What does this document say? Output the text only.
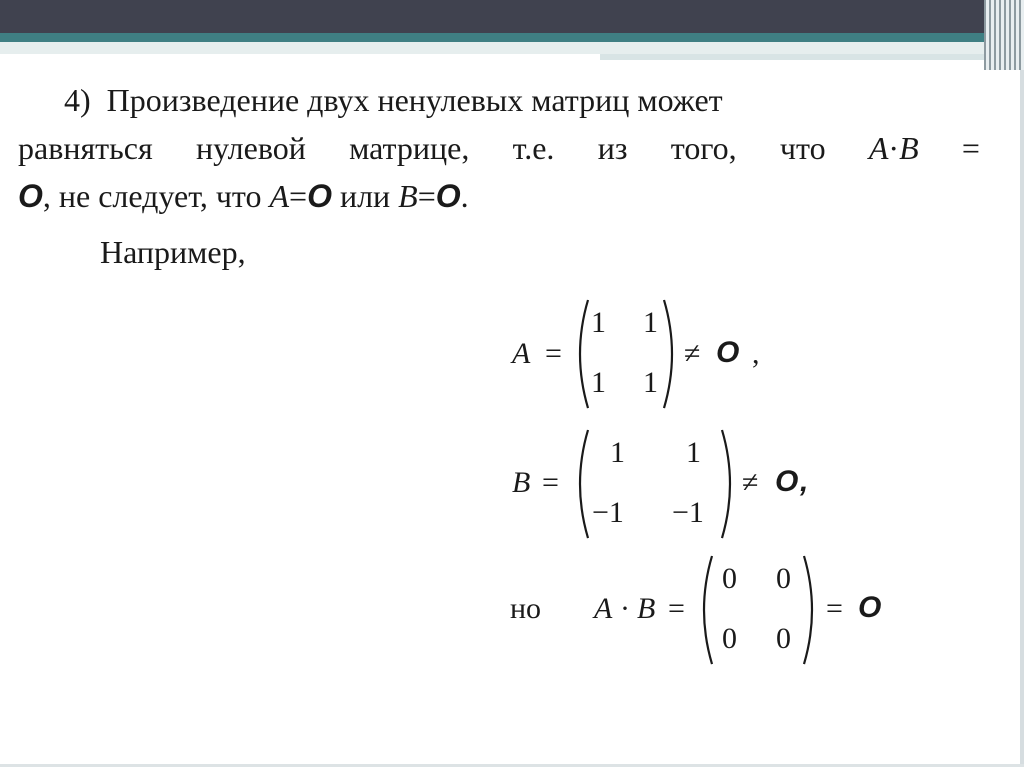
4) Произведение двух ненулевых матриц может
равняться нулевой матрице, т.е. из того, что A·B =
O, не следует, что A=O или B=O.
Например,
A =
1 1
1 1
≠ O ,
B =
1 1
−1 −1
≠ O ,
но A · B =
0 0
0 0
= O
